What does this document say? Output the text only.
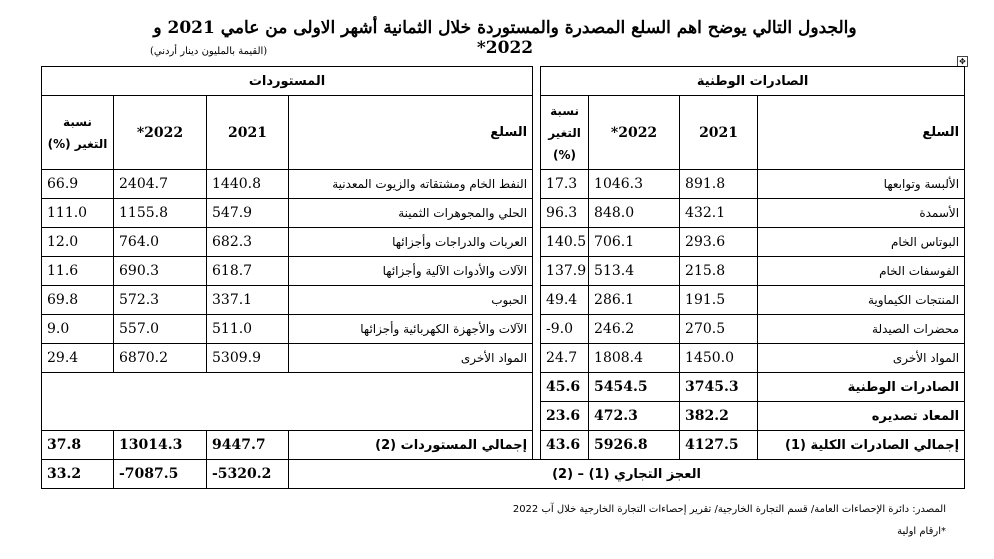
والجدول التالي يوضح اهم السلع المصدرة والمستوردة خلال الثمانية أشهر الاولى من عامي 2021 و 2022*
(القيمة بالمليون دينار أردني)
✥
المستوردات					الصادرات الوطنية			

نسبة التغير (%)	*2022	2021	السلع		نسبة التغير (%)	*2022	2021	السلع
66.9	2404.7	1440.8	النفط الخام ومشتقاته والزيوت المعدنية		17.3	1046.3	891.8	الألبسة وتوابعها
111.0	1155.8	547.9	الحلي والمجوهرات الثمينة		96.3	848.0	432.1	الأسمدة
12.0	764.0	682.3	العربات والدراجات وأجزائها		140.5	706.1	293.6	البوتاس الخام
11.6	690.3	618.7	الآلات والأدوات الآلية وأجزائها		137.9	513.4	215.8	الفوسفات الخام
69.8	572.3	337.1	الحبوب		49.4	286.1	191.5	المنتجات الكيماوية
9.0	557.0	511.0	الآلات والأجهزة الكهربائية وأجزائها		-9.0	246.2	270.5	محضرات الصيدلة
29.4	6870.2	5309.9	المواد الأخرى		24.7	1808.4	1450.0	المواد الأخرى
					45.6	5454.5	3745.3	الصادرات الوطنية
					23.6	472.3	382.2	المعاد تصديره
37.8	13014.3	9447.7	إجمالي المستوردات (2)		43.6	5926.8	4127.5	إجمالي الصادرات الكلية (1)
33.2	-7087.5	-5320.2	العجز التجاري (1) – (2)					
المصدر: دائرة الإحصاءات العامة/ قسم التجارة الخارجية/ تقرير إحصاءات التجارة الخارجية خلال آب 2022
*ارقام اولية
